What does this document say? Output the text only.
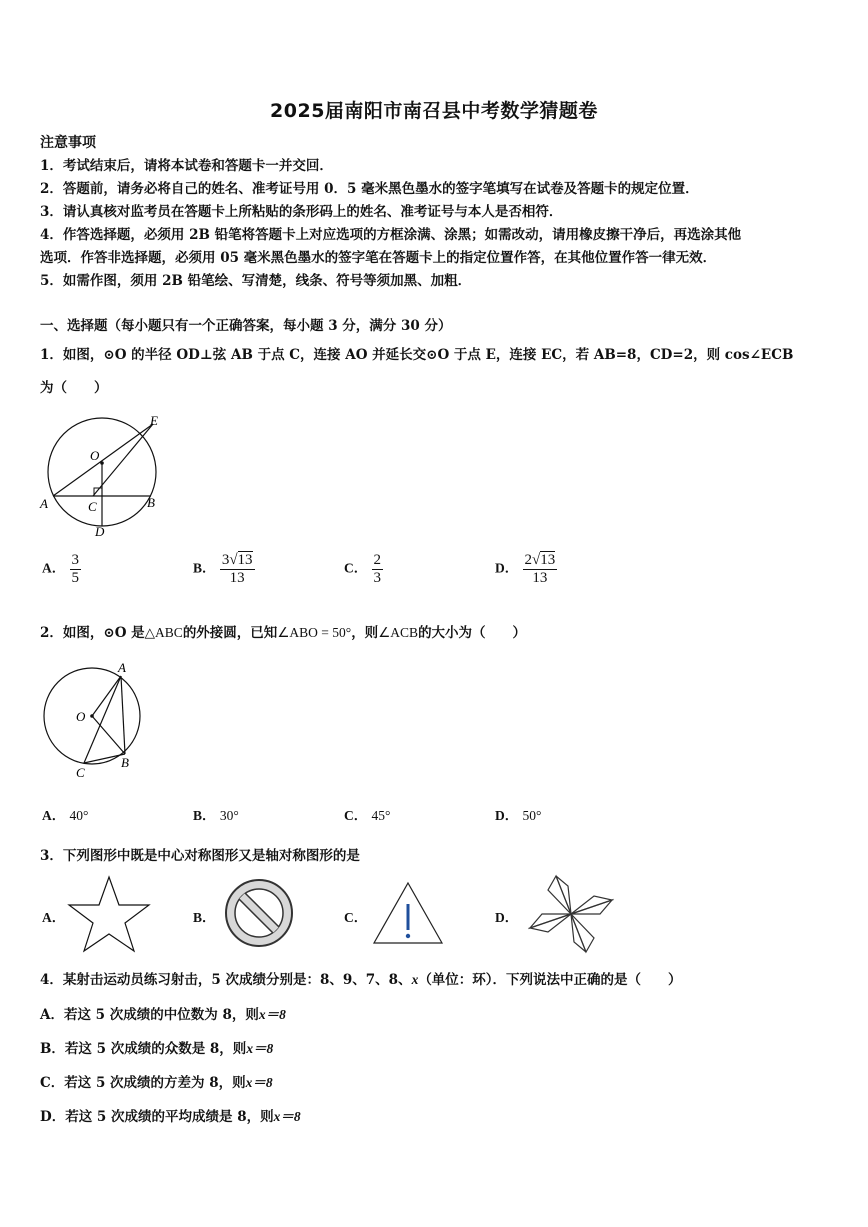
2025届南阳市南召县中考数学猜题卷
注意事项
1．考试结束后，请将本试卷和答题卡一并交回．
2．答题前，请务必将自己的姓名、准考证号用 0．5 毫米黑色墨水的签字笔填写在试卷及答题卡的规定位置．
3．请认真核对监考员在答题卡上所粘贴的条形码上的姓名、准考证号与本人是否相符．
4．作答选择题，必须用 2B 铅笔将答题卡上对应选项的方框涂满、涂黑；如需改动，请用橡皮擦干净后，再选涂其他
选项．作答非选择题，必须用 05 毫米黑色墨水的签字笔在答题卡上的指定位置作答，在其他位置作答一律无效．
5．如需作图，须用 2B 铅笔绘、写清楚，线条、符号等须加黑、加粗．
一、选择题（每小题只有一个正确答案，每小题 3 分，满分 30 分）
1．如图，⊙O 的半径 OD⊥弦 AB 于点 C，连接 AO 并延长交⊙O 于点 E，连接 EC，若 AB=8，CD=2，则 cos∠ECB
为（　　）
E
O
A	C	B
D
A． $\frac{3}{5}$	B． $\frac{3√13}{13}$	C． $\frac{2}{3}$	D． $\frac{2√13}{13}$
2．如图，⊙O 是△ABC的外接圆，已知∠ABO = 50°，则∠ACB的大小为（　　）
A
O
B
C
A． 40°	B． 30°	C． 45°	D． 50°
3．下列图形中既是中心对称图形又是轴对称图形的是
A．	B．	C．	D．
4．某射击运动员练习射击，5 次成绩分别是：8、9、7、8、x（单位：环）．下列说法中正确的是（　　）
A．若这 5 次成绩的中位数为 8，则x＝8
B．若这 5 次成绩的众数是 8，则x＝8
C．若这 5 次成绩的方差为 8，则x＝8
D．若这 5 次成绩的平均成绩是 8，则x＝8
